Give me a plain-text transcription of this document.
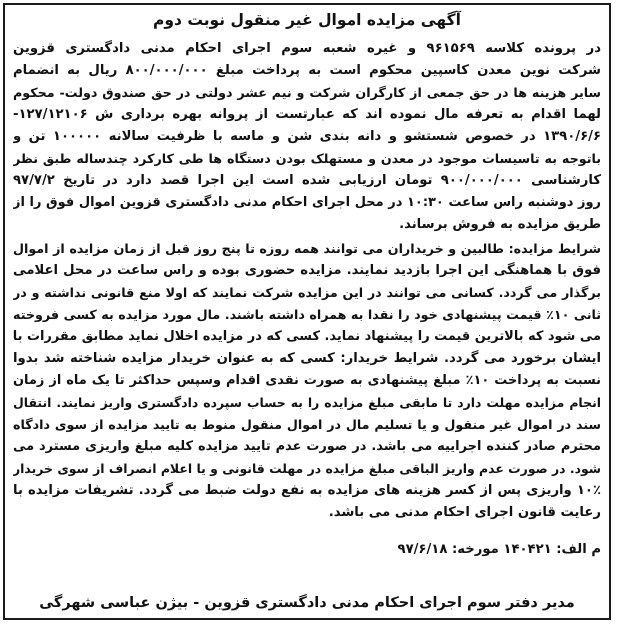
آگهی مزایده اموال غیر منقول نوبت دوم
در پرونده کلاسه ۹۶۱۵۶۹ و غیره شعبه سوم اجرای احکام مدنی دادگستری قزوین
شرکت نوین معدن کاسپین محکوم است به پرداخت مبلغ ۸۰۰/۰۰۰/۰۰۰ ریال به انضمام
سایر هزینه ها در حق جمعی از کارگران شرکت و نیم عشر دولتی در حق صندوق دولت- محکوم
لهما اقدام به تعرفه مال نموده اند که عبارتست از پروانه بهره برداری ش ۱۲۷/۱۲۱۰۶-
۱۳۹۰/۶/۶ در خصوص شستشو و دانه بندی شن و ماسه با ظرفیت سالانه ۱۰۰۰۰۰ تن و
باتوجه به تاسیسات موجود در معدن و مستهلک بودن دستگاه ها طی کارکرد چندساله طبق نظر
کارشناسی ۹۰۰/۰۰۰/۰۰۰ تومان ارزیابی شده است این اجرا قصد دارد در تاریخ ۹۷/۷/۲
روز دوشنبه راس ساعت ۱۰:۳۰ در محل اجرای احکام مدنی دادگستری قزوین اموال فوق را از
طریق مزایده به فروش برساند.
شرایط مزایده: طالبین و خریداران می توانند همه روزه تا پنج روز قبل از زمان مزایده از اموال
فوق با هماهنگی این اجرا بازدید نمایند. مزایده حضوری بوده و راس ساعت در محل اعلامی
برگذار می گردد. کسانی می توانند در این مزایده شرکت نمایند که اولا منع قانونی نداشته و در
ثانی ۱۰٪ قیمت پیشنهادی خود را نقدا به همراه داشته باشند. مال مورد مزایده به کسی فروخته
می شود که بالاترین قیمت را پیشنهاد نماید. کسی که در مزایده اخلال نماید مطابق مقررات با
ایشان برخورد می گردد. شرایط خریدار: کسی که به عنوان خریدار مزایده شناخته شد بدوا
نسبت به پرداخت ۱۰٪ مبلغ پیشنهادی به صورت نقدی اقدام وسپس حداکثر تا یک ماه از زمان
انجام مزایده مهلت دارد تا مابقی مبلغ مزایده را به حساب سپرده دادگستری واریز نمایند. انتقال
سند در اموال غیر منقول و یا تسلیم مال در اموال منقول منوط به تایید مزایده از سوی دادگاه
محترم صادر کننده اجراییه می باشد. در صورت عدم تایید مزایده کلیه مبلغ واریزی مسترد می
شود. در صورت عدم واریز الباقی مبلغ مزایده در مهلت قانونی و یا اعلام انصراف از سوی خریدار
۱۰٪ واریزی پس از کسر هزینه های مزایده به نفع دولت ضبط می گردد. تشریفات مزایده با
رعایت قانون اجرای احکام مدنی می باشد.
م الف: ۱۴۰۴۲۱ مورخه: ۹۷/۶/۱۸
مدیر دفتر سوم اجرای احکام مدنی دادگستری قزوین - بیژن عباسی شهرگی
